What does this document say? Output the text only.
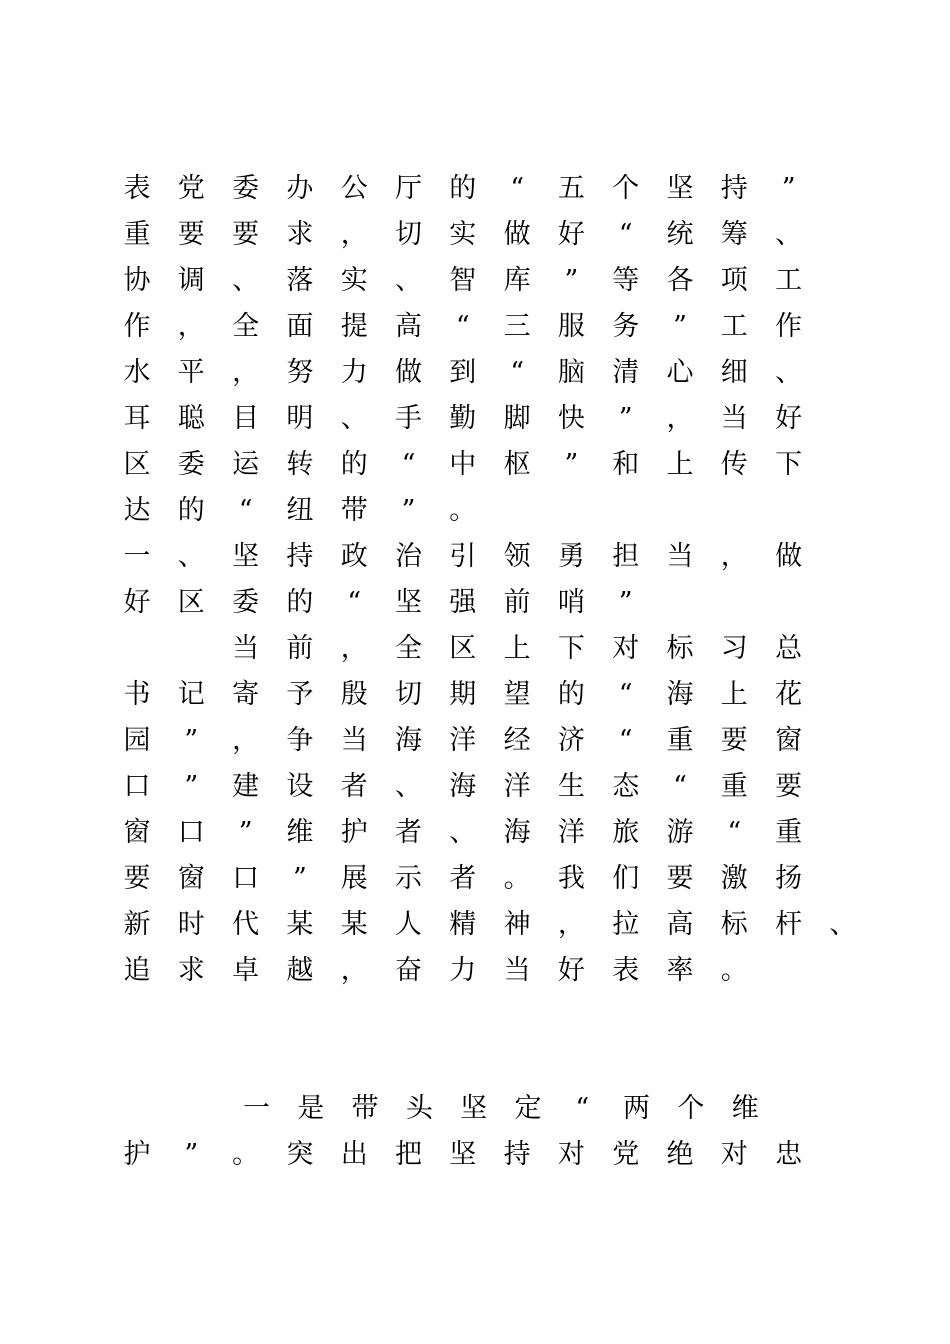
表 党 委 办 公 厅 的 “ 五 个 坚 持 ”
重 要 要 求 ， 切 实 做 好 “ 统 筹 、
协 调 、 落 实 、 智 库 ” 等 各 项 工
作 ， 全 面 提 高 “ 三 服 务 ” 工 作
水 平 ， 努 力 做 到 “ 脑 清 心 细 、
耳 聪 目 明 、 手 勤 脚 快 ” ， 当 好
区 委 运 转 的 “ 中 枢 ” 和 上 传 下
达 的 “ 纽 带 ” 。
一 、 坚 持 政 治 引 领 勇 担 当 ， 做
好 区 委 的 “ 坚 强 前 哨 ”
当 前 ， 全 区 上 下 对 标 习 总
书 记 寄 予 殷 切 期 望 的 “ 海 上 花
园 ” ， 争 当 海 洋 经 济 “ 重 要 窗
口 ” 建 设 者 、 海 洋 生 态 “ 重 要
窗 口 ” 维 护 者 、 海 洋 旅 游 “ 重
要 窗 口 ” 展 示 者 。 我 们 要 激 扬
新 时 代 某 某 人 精 神 ， 拉 高 标 杆 、
追 求 卓 越 ， 奋 力 当 好 表 率 。
一 是 带 头 坚 定 “ 两 个 维
护 ” 。 突 出 把 坚 持 对 党 绝 对 忠
